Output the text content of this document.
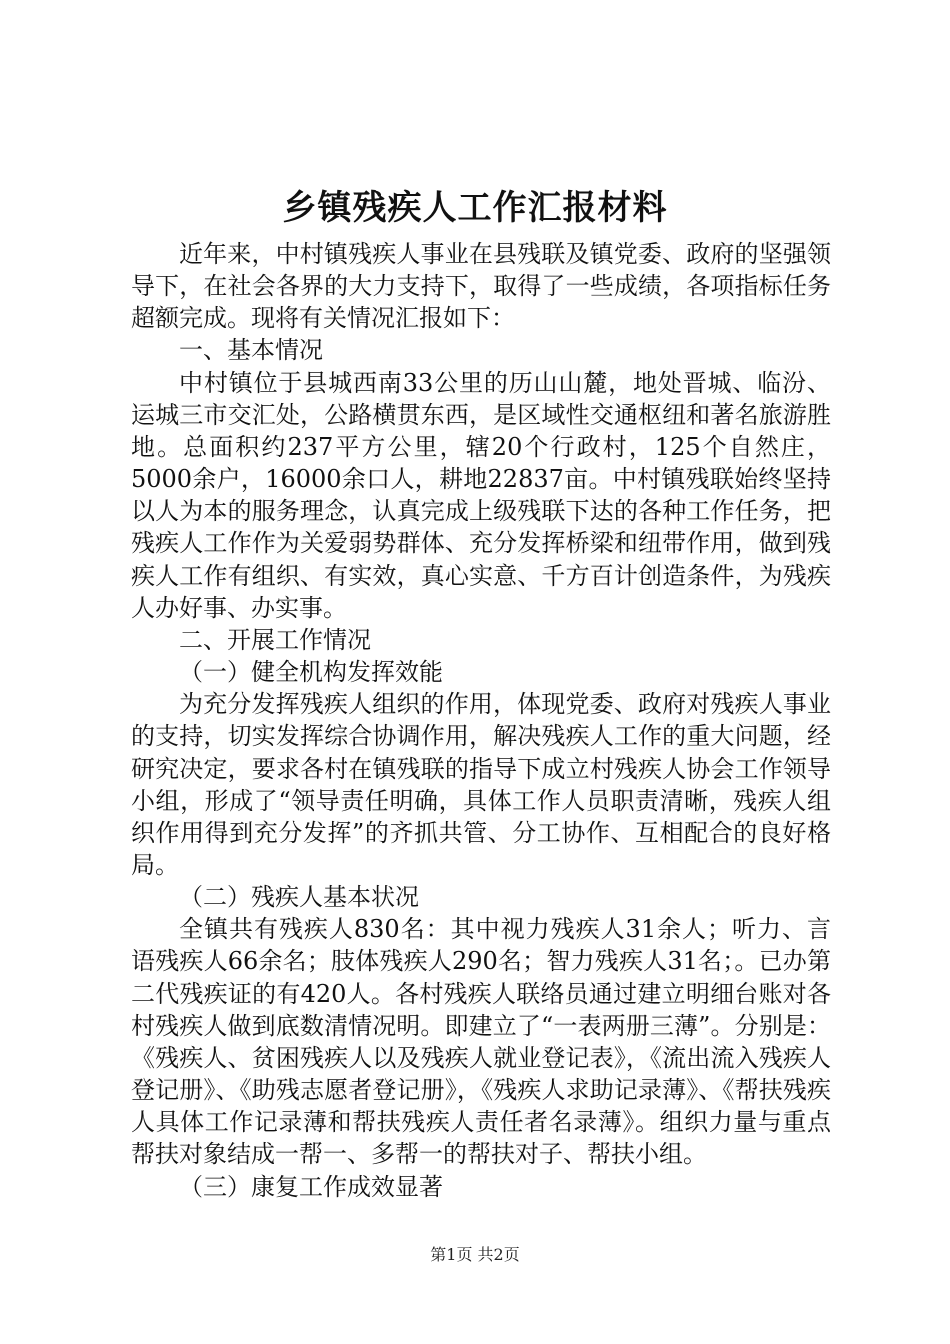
乡镇残疾人工作汇报材料

近年来，中村镇残疾人事业在县残联及镇党委、政府的坚强领导下，在社会各界的大力支持下，取得了一些成绩，各项指标任务超额完成。现将有关情况汇报如下：

一、基本情况

中村镇位于县城西南33公里的历山山麓，地处晋城、临汾、运城三市交汇处，公路横贯东西，是区域性交通枢纽和著名旅游胜地。总面积约237平方公里，辖20个行政村，125个自然庄，5000余户，16000余口人，耕地22837亩。中村镇残联始终坚持以人为本的服务理念，认真完成上级残联下达的各种工作任务，把残疾人工作作为关爱弱势群体、充分发挥桥梁和纽带作用，做到残疾人工作有组织、有实效，真心实意、千方百计创造条件，为残疾人办好事、办实事。

二、开展工作情况

（一）健全机构发挥效能

为充分发挥残疾人组织的作用，体现党委、政府对残疾人事业的支持，切实发挥综合协调作用，解决残疾人工作的重大问题，经研究决定，要求各村在镇残联的指导下成立村残疾人协会工作领导小组，形成了“领导责任明确，具体工作人员职责清晰，残疾人组织作用得到充分发挥”的齐抓共管、分工协作、互相配合的良好格局。

（二）残疾人基本状况

全镇共有残疾人830名：其中视力残疾人31余人；听力、言语残疾人66余名；肢体残疾人290名；智力残疾人31名；。已办第二代残疾证的有420人。各村残疾人联络员通过建立明细台账对各村残疾人做到底数清情况明。即建立了“一表两册三薄”。分别是：《残疾人、贫困残疾人以及残疾人就业登记表》，《流出流入残疾人登记册》、《助残志愿者登记册》，《残疾人求助记录薄》、《帮扶残疾人具体工作记录薄和帮扶残疾人责任者名录薄》。组织力量与重点帮扶对象结成一帮一、多帮一的帮扶对子、帮扶小组。

（三）康复工作成效显著

第1页 共2页
